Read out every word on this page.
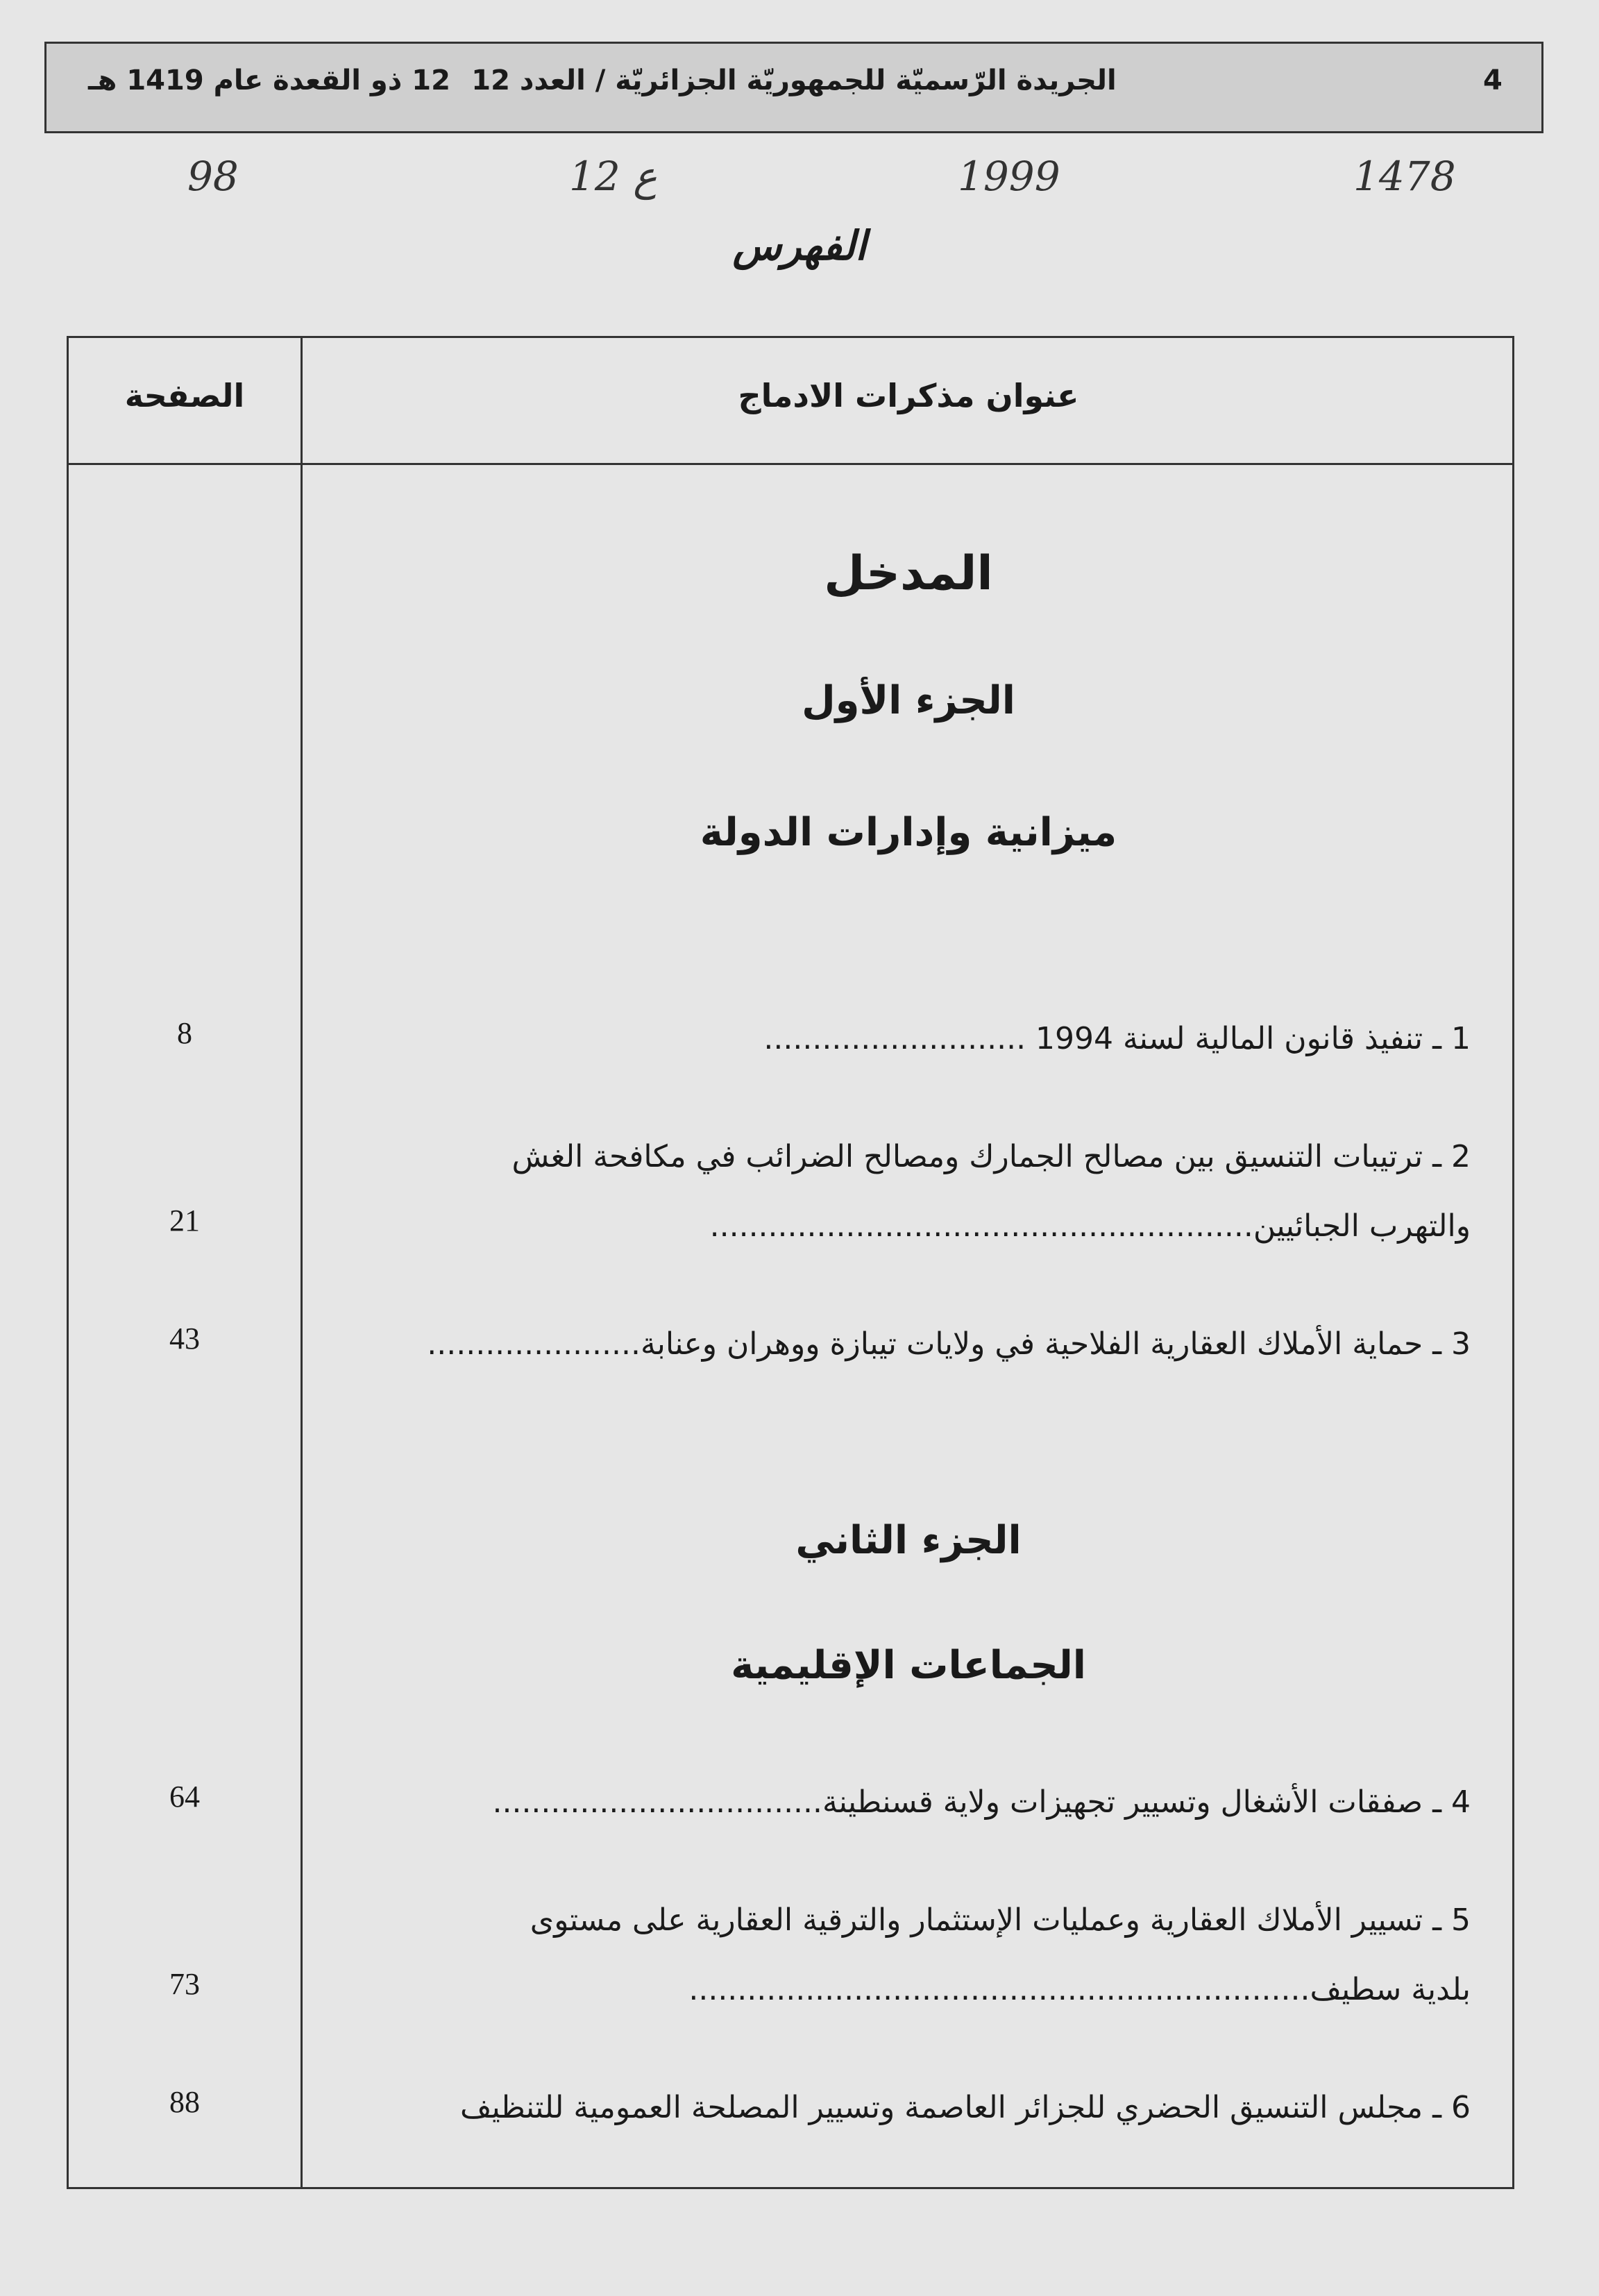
4
الجريدة الرّسميّة للجمهوريّة الجزائريّة / العدد 12
12 ذو القعدة عام 1419 هـ
1478
1999
ع 12
98
الفهرس
عنوان مذكرات الادماج
الصفحة
المدخل
الجزء الأول
ميزانية وإدارات الدولة
1 ـ تنفيذ قانون المالية لسنة 1994 ...........................
8
2 ـ ترتيبات التنسيق بين مصالح الجمارك ومصالح الضرائب في مكافحة الغش
والتهرب الجبائيين........................................................
21
3 ـ حماية الأملاك العقارية الفلاحية في ولايات تيبازة ووهران وعنابة......................
43
الجزء الثاني
الجماعات الإقليمية
4 ـ صفقات الأشغال وتسيير تجهيزات ولاية قسنطينة..................................
64
5 ـ تسيير الأملاك العقارية وعمليات الإستثمار والترقية العقارية على مستوى
بلدية سطيف................................................................
73
6 ـ مجلس التنسيق الحضري للجزائر العاصمة وتسيير المصلحة العمومية للتنظيف
88
